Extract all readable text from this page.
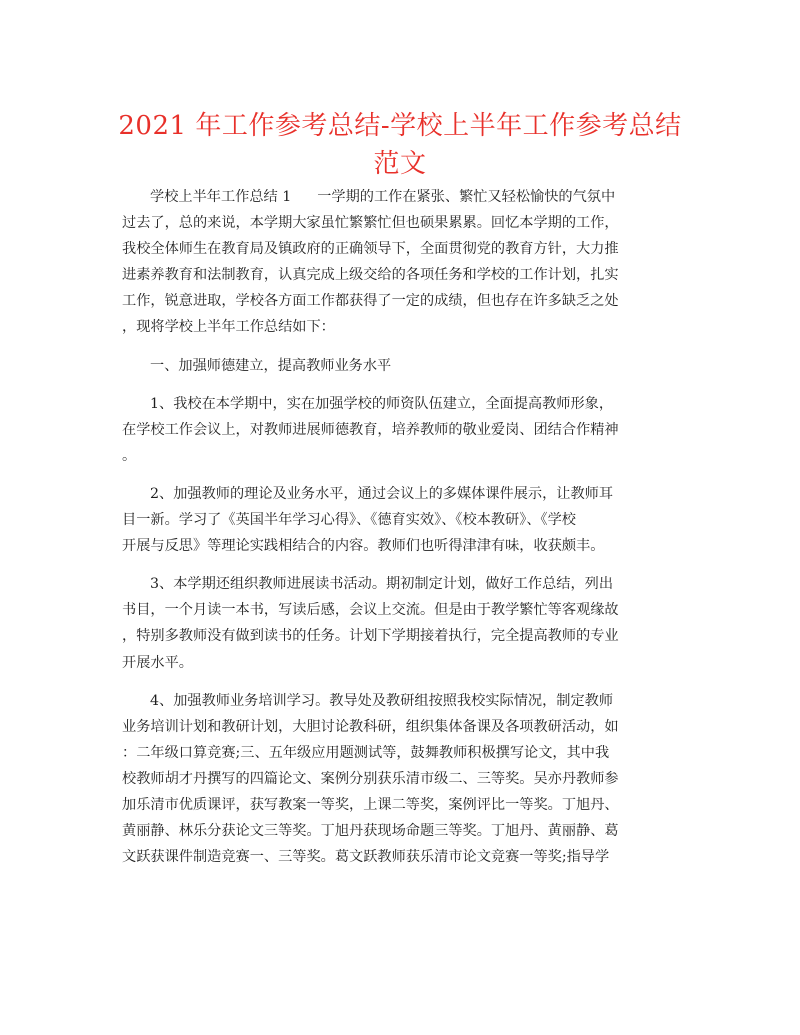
2021 年工作参考总结-学校上半年工作参考总结
范文
学校上半年工作总结 1 一学期的工作在紧张、繁忙又轻松愉快的气氛中
过去了，总的来说，本学期大家虽忙繁繁忙但也硕果累累。回忆本学期的工作，
我校全体师生在教育局及镇政府的正确领导下，全面贯彻党的教育方针，大力推
进素养教育和法制教育，认真完成上级交给的各项任务和学校的工作计划，扎实
工作，锐意进取，学校各方面工作都获得了一定的成绩，但也存在许多缺乏之处
，现将学校上半年工作总结如下：
一、加强师德建立，提高教师业务水平
1、我校在本学期中，实在加强学校的师资队伍建立，全面提高教师形象，
在学校工作会议上，对教师进展师德教育，培养教师的敬业爱岗、团结合作精神
。
2、加强教师的理论及业务水平，通过会议上的多媒体课件展示，让教师耳
目一新。学习了《英国半年学习心得》、《德育实效》、《校本教研》、《学校
开展与反思》等理论实践相结合的内容。教师们也听得津津有味，收获颇丰。
3、本学期还组织教师进展读书活动。期初制定计划，做好工作总结，列出
书目，一个月读一本书，写读后感，会议上交流。但是由于教学繁忙等客观缘故
，特别多教师没有做到读书的任务。计划下学期接着执行，完全提高教师的专业
开展水平。
4、加强教师业务培训学习。教导处及教研组按照我校实际情况，制定教师
业务培训计划和教研计划，大胆讨论教科研，组织集体备课及各项教研活动，如
：二年级口算竞赛;三、五年级应用题测试等，鼓舞教师积极撰写论文，其中我
校教师胡才丹撰写的四篇论文、案例分别获乐清市级二、三等奖。吴亦丹教师参
加乐清市优质课评，获写教案一等奖，上课二等奖，案例评比一等奖。丁旭丹、
黄丽静、林乐分获论文三等奖。丁旭丹获现场命题三等奖。丁旭丹、黄丽静、葛
文跃获课件制造竞赛一、三等奖。葛文跃教师获乐清市论文竞赛一等奖;指导学
